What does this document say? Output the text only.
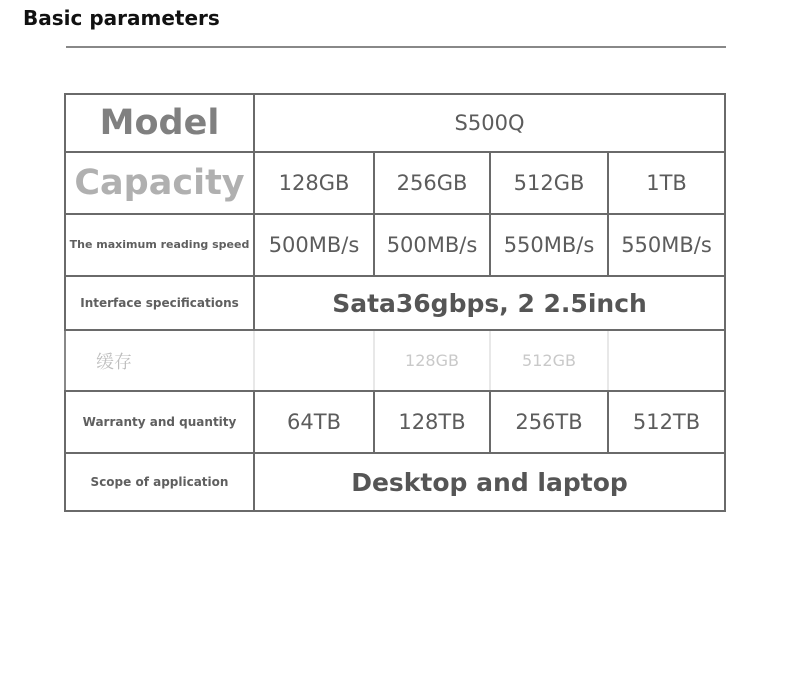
Basic parameters
Model	S500Q			
Capacity	128GB	256GB	512GB	1TB
The maximum reading speed	500MB/s	500MB/s	550MB/s	550MB/s
Interface specifications	Sata36gbps, 2 2.5inch			
缓存		128GB	512GB	
Warranty and quantity	64TB	128TB	256TB	512TB
Scope of application	Desktop and laptop			
